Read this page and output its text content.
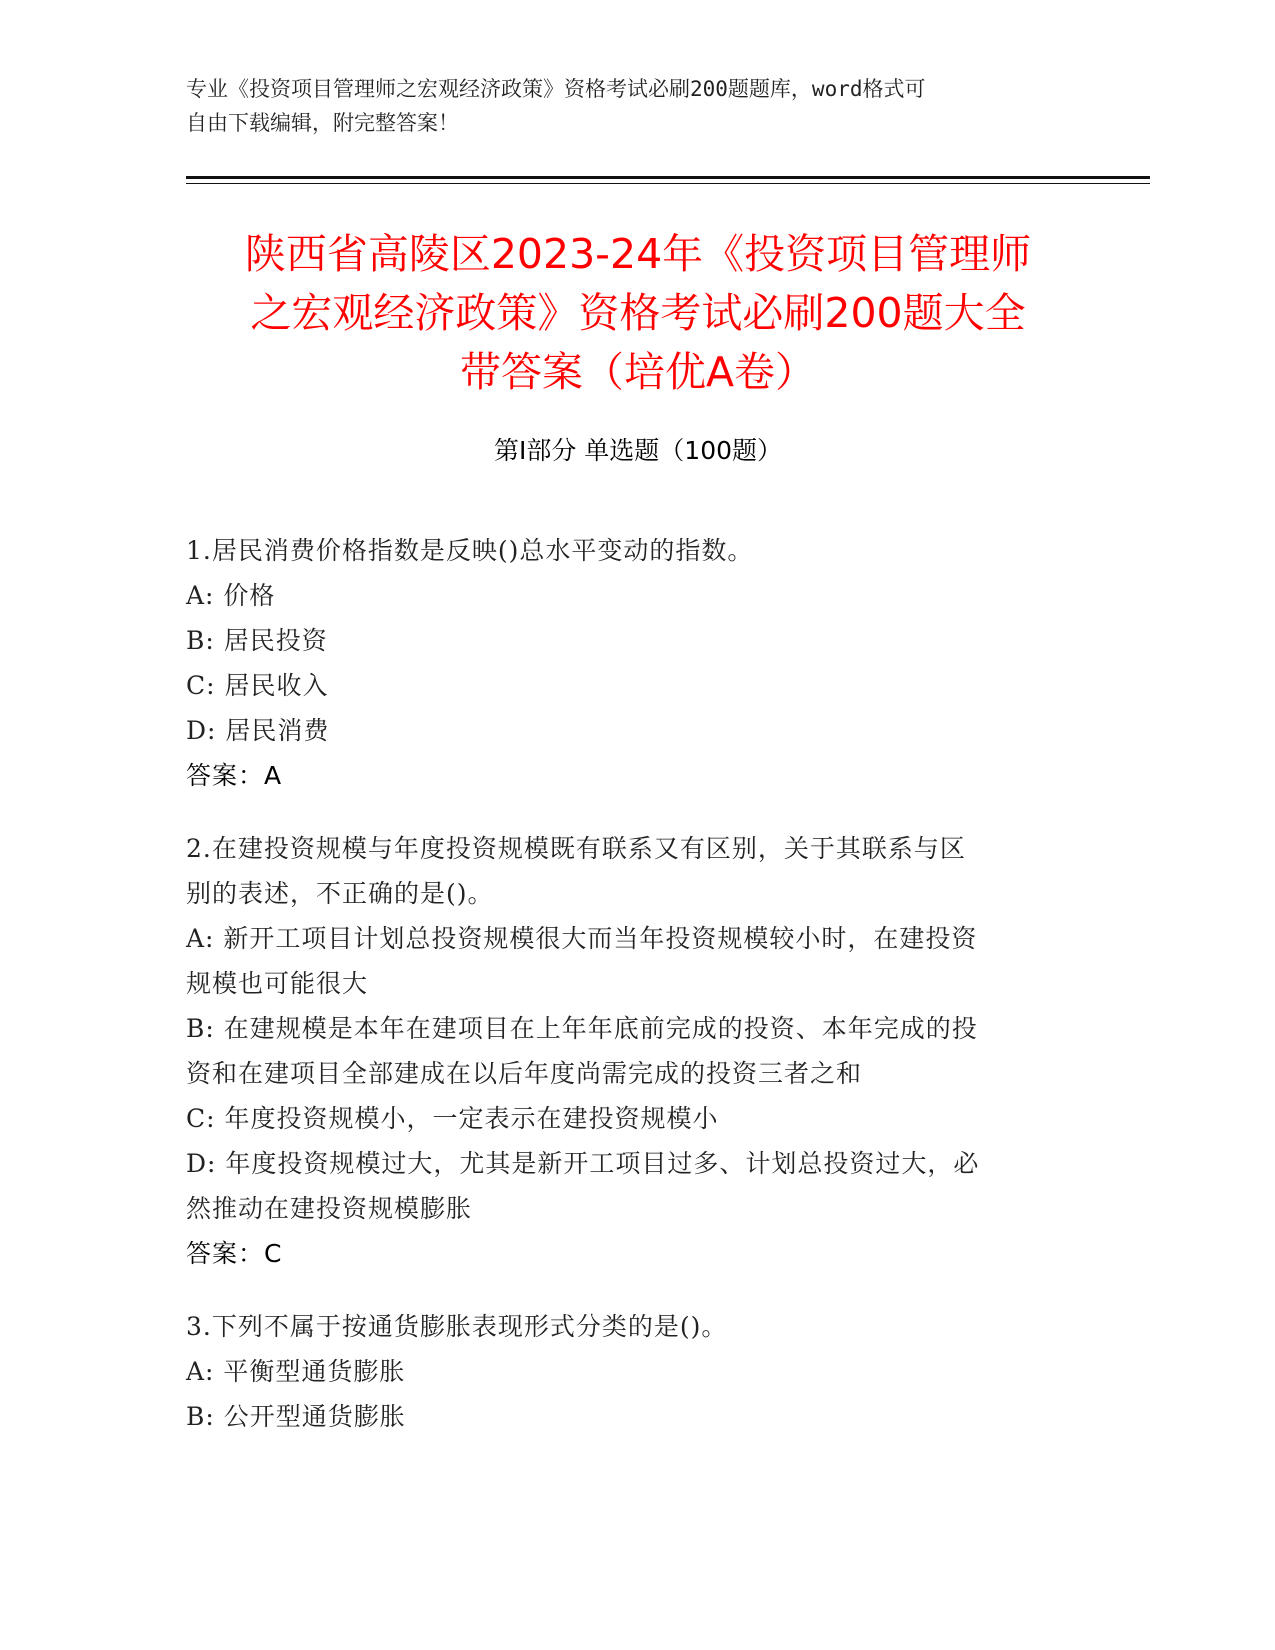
专业《投资项目管理师之宏观经济政策》资格考试必刷200题题库，word格式可
自由下载编辑，附完整答案！
陕西省高陵区2023-24年《投资项目管理师
之宏观经济政策》资格考试必刷200题大全
带答案（培优A卷）
第Ⅰ部分 单选题（100题）
1.居民消费价格指数是反映()总水平变动的指数。
A: 价格
B: 居民投资
C: 居民收入
D: 居民消费
答案：A
2.在建投资规模与年度投资规模既有联系又有区别，关于其联系与区
别的表述，不正确的是()。
A: 新开工项目计划总投资规模很大而当年投资规模较小时，在建投资
规模也可能很大
B: 在建规模是本年在建项目在上年年底前完成的投资、本年完成的投
资和在建项目全部建成在以后年度尚需完成的投资三者之和
C: 年度投资规模小，一定表示在建投资规模小
D: 年度投资规模过大，尤其是新开工项目过多、计划总投资过大，必
然推动在建投资规模膨胀
答案：C
3.下列不属于按通货膨胀表现形式分类的是()。
A: 平衡型通货膨胀
B: 公开型通货膨胀
